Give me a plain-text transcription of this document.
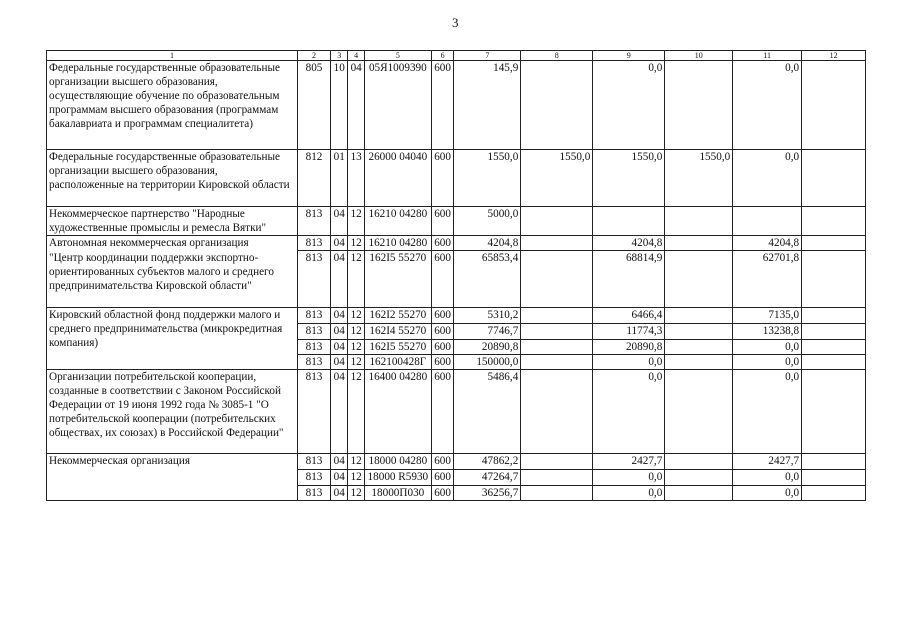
3
1	2	3	4	5	6	7	8	9	10	11	12
Федеральные государственные образовательные организации высшего образования, осуществляющие обучение по образовательным программам высшего образования (программам бакалавриата и программам специалитета)	805	10	04	05Я1009390	600	145,9		0,0		0,0	
Федеральные государственные образовательные организации высшего образования, расположенные на территории Кировской области	812	01	13	26000 04040	600	1550,0	1550,0	1550,0	1550,0	0,0	
Некоммерческое партнерство "Народные художественные промыслы и ремесла Вятки"	813	04	12	16210 04280	600	5000,0					
Автономная некоммерческая организация	813	04	12	16210 04280	600	4204,8		4204,8		4204,8	
"Центр координации поддержки экспортно-ориентированных субъектов малого и среднего предпринимательства Кировской области"	813	04	12	162I5 55270	600	65853,4		68814,9		62701,8	
Кировский областной фонд поддержки малого и среднего предпринимательства (микрокредитная компания)	813	04	12	162I2 55270	600	5310,2		6466,4		7135,0	
	813	04	12	162I4 55270	600	7746,7		11774,3		13238,8	
	813	04	12	162I5 55270	600	20890,8		20890,8		0,0	
	813	04	12	162100428Г	600	150000,0		0,0		0,0	
Организации потребительской кооперации, созданные в соответствии с Законом Российской Федерации от 19 июня 1992 года № 3085-1 "О потребительской кооперации (потребительских обществах, их союзах) в Российской Федерации"	813	04	12	16400 04280	600	5486,4		0,0		0,0	
Некоммерческая организация	813	04	12	18000 04280	600	47862,2		2427,7		2427,7	
	813	04	12	18000 R5930	600	47264,7		0,0		0,0	
	813	04	12	18000П030	600	36256,7		0,0		0,0	
